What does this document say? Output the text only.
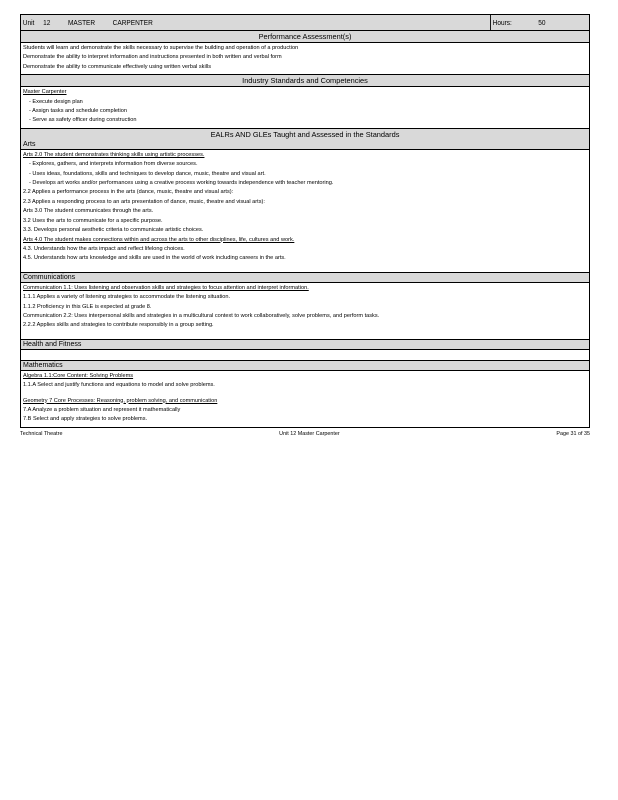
Unit 12 MASTER CARPENTER	Hours:	50
Performance Assessment(s)
Students will learn and demonstrate the skills necessary to supervise the building and operation of a production
Demonstrate the ability to interpret information and instructions presented in both written and verbal form
Demonstrate the ability to communicate effectively using written verbal skills
Industry Standards and Competencies
Master Carpenter
- Execute design plan
- Assign tasks and schedule completion
- Serve as safety officer during construction
EALRs AND GLEs Taught and Assessed in the Standards
Arts
Arts 2.0 The student demonstrates thinking skills using artistic processes.
- Explores, gathers, and interprets information from diverse sources.
- Uses ideas, foundations, skills and techniques to develop dance, music, theatre and visual art.
- Develops art works and/or performances using a creative process working towards independence with teacher mentoring.
2.2 Applies a performance process in the arts (dance, music, theatre and visual arts):
2.3 Applies a responding process to an arts presentation of dance, music, theatre and visual arts):
Arts 3.0 The student communicates through the arts.
3.2 Uses the arts to communicate for a specific purpose.
3.3. Develops personal aesthetic criteria to communicate artistic choices.
Arts 4.0 The student makes connections within and across the arts to other disciplines, life, cultures and work.
4.3. Understands how the arts impact and reflect lifelong choices.
4.5. Understands how arts knowledge and skills are used in the world of work including careers in the arts.
Communications
Communication 1.1: Uses listening and observation skills and strategies to focus attention and interpret information.
1.1.1 Applies a variety of listening strategies to accommodate the listening situation.
1.1.2 Proficiency in this GLE is expected at grade 8.
Communication 2.2: Uses interpersonal skills and strategies in a multicultural context to work collaboratively, solve problems, and perform tasks.
2.2.2 Applies skills and strategies to contribute responsibly in a group setting.
Health and Fitness
Mathematics
Algebra 1.1:Core Content: Solving Problems
1.1.A Select and justify functions and equations to model and solve problems.
Geometry 7 Core Processes: Reasoning, problem solving, and communication
7.A Analyze a problem situation and represent it mathematically
7.B Select and apply strategies to solve problems.
Technical Theatre	Unit 12 Master Carpenter	Page 31 of 35
